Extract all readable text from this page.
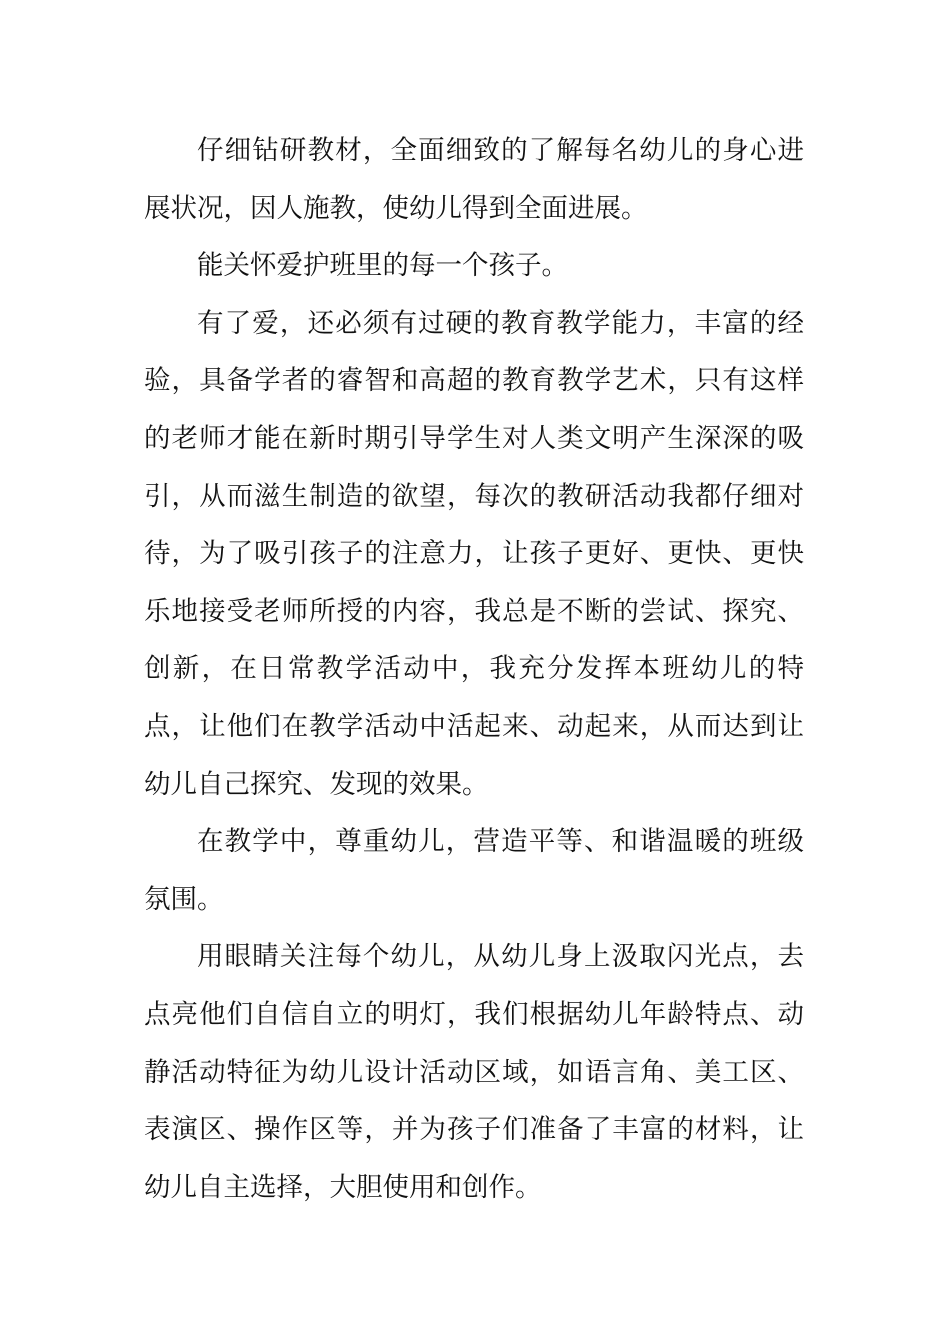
仔细钻研教材，全面细致的了解每名幼儿的身心进展状况，因人施教，使幼儿得到全面进展。

能关怀爱护班里的每一个孩子。

有了爱，还必须有过硬的教育教学能力，丰富的经验，具备学者的睿智和高超的教育教学艺术，只有这样的老师才能在新时期引导学生对人类文明产生深深的吸引，从而滋生制造的欲望，每次的教研活动我都仔细对待，为了吸引孩子的注意力，让孩子更好、更快、更快乐地接受老师所授的内容，我总是不断的尝试、探究、创新，在日常教学活动中，我充分发挥本班幼儿的特点，让他们在教学活动中活起来、动起来，从而达到让幼儿自己探究、发现的效果。

在教学中，尊重幼儿，营造平等、和谐温暖的班级氛围。

用眼睛关注每个幼儿，从幼儿身上汲取闪光点，去点亮他们自信自立的明灯，我们根据幼儿年龄特点、动静活动特征为幼儿设计活动区域，如语言角、美工区、表演区、操作区等，并为孩子们准备了丰富的材料，让幼儿自主选择，大胆使用和创作。
